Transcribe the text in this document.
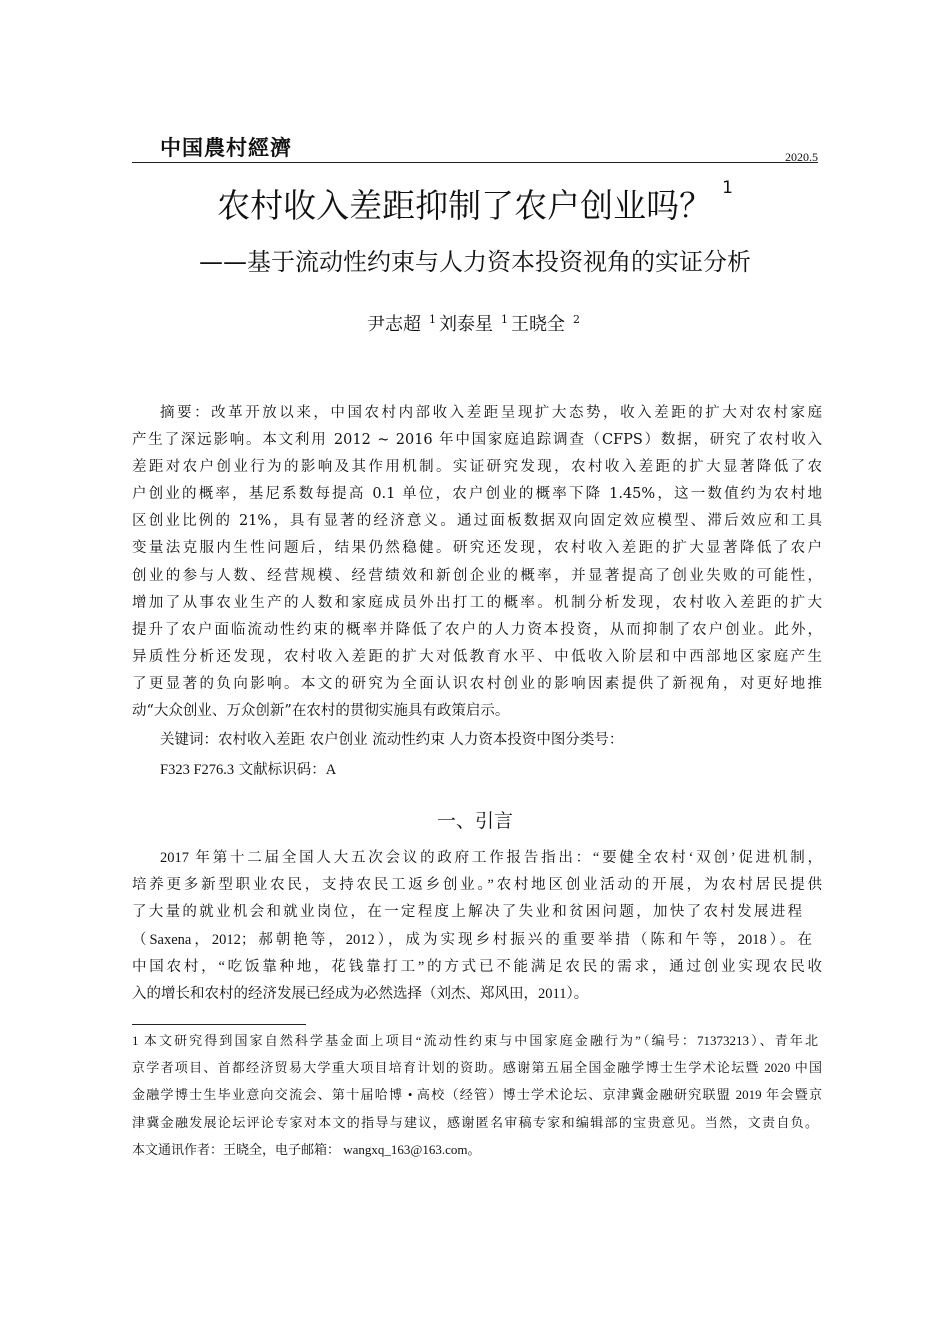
中国農村經濟	2020.5
农村收入差距抑制了农户创业吗？ $^1$
——基于流动性约束与人力资本投资视角的实证分析
尹志超 $^1$ 刘泰星 $^1$ 王晓全 $^2$
摘要：改革开放以来，中国农村内部收入差距呈现扩大态势，收入差距的扩大对农村家庭
产生了深远影响。本文利用 2012 ~ 2016 年中国家庭追踪调查（CFPS）数据，研究了农村收入
差距对农户创业行为的影响及其作用机制。实证研究发现，农村收入差距的扩大显著降低了农
户创业的概率，基尼系数每提高 0.1 单位，农户创业的概率下降 1.45%，这一数值约为农村地
区创业比例的 21%，具有显著的经济意义。通过面板数据双向固定效应模型、滞后效应和工具
变量法克服内生性问题后，结果仍然稳健。研究还发现，农村收入差距的扩大显著降低了农户
创业的参与人数、经营规模、经营绩效和新创企业的概率，并显著提高了创业失败的可能性，
增加了从事农业生产的人数和家庭成员外出打工的概率。机制分析发现，农村收入差距的扩大
提升了农户面临流动性约束的概率并降低了农户的人力资本投资，从而抑制了农户创业。此外，
异质性分析还发现，农村收入差距的扩大对低教育水平、中低收入阶层和中西部地区家庭产生
了更显著的负向影响。本文的研究为全面认识农村创业的影响因素提供了新视角，对更好地推
动“大众创业、万众创新”在农村的贯彻实施具有政策启示。
关键词：农村收入差距 农户创业 流动性约束 人力资本投资中图分类号：
F323 F276.3 文献标识码：A
一、引言
2017 年第十二届全国人大五次会议的政府工作报告指出：“要健全农村‘双创’促进机制，
培养更多新型职业农民，支持农民工返乡创业。”农村地区创业活动的开展，为农村居民提供
了大量的就业机会和就业岗位，在一定程度上解决了失业和贫困问题，加快了农村发展进程
（Saxena，2012；郝朝艳等，2012），成为实现乡村振兴的重要举措（陈和午等，2018）。在
中国农村，“吃饭靠种地，花钱靠打工”的方式已不能满足农民的需求，通过创业实现农民收
入的增长和农村的经济发展已经成为必然选择（刘杰、郑风田，2011）。
1 本文研究得到国家自然科学基金面上项目“流动性约束与中国家庭金融行为”（编号：71373213）、青年北
京学者项目、首都经济贸易大学重大项目培育计划的资助。感谢第五届全国金融学博士生学术论坛暨 2020 中国
金融学博士生毕业意向交流会、第十届哈博 • 高校（经管）博士学术论坛、京津冀金融研究联盟 2019 年会暨京
津冀金融发展论坛评论专家对本文的指导与建议，感谢匿名审稿专家和编辑部的宝贵意见。当然，文责自负。
本文通讯作者：王晓全，电子邮箱： wangxq_163@163.com。
